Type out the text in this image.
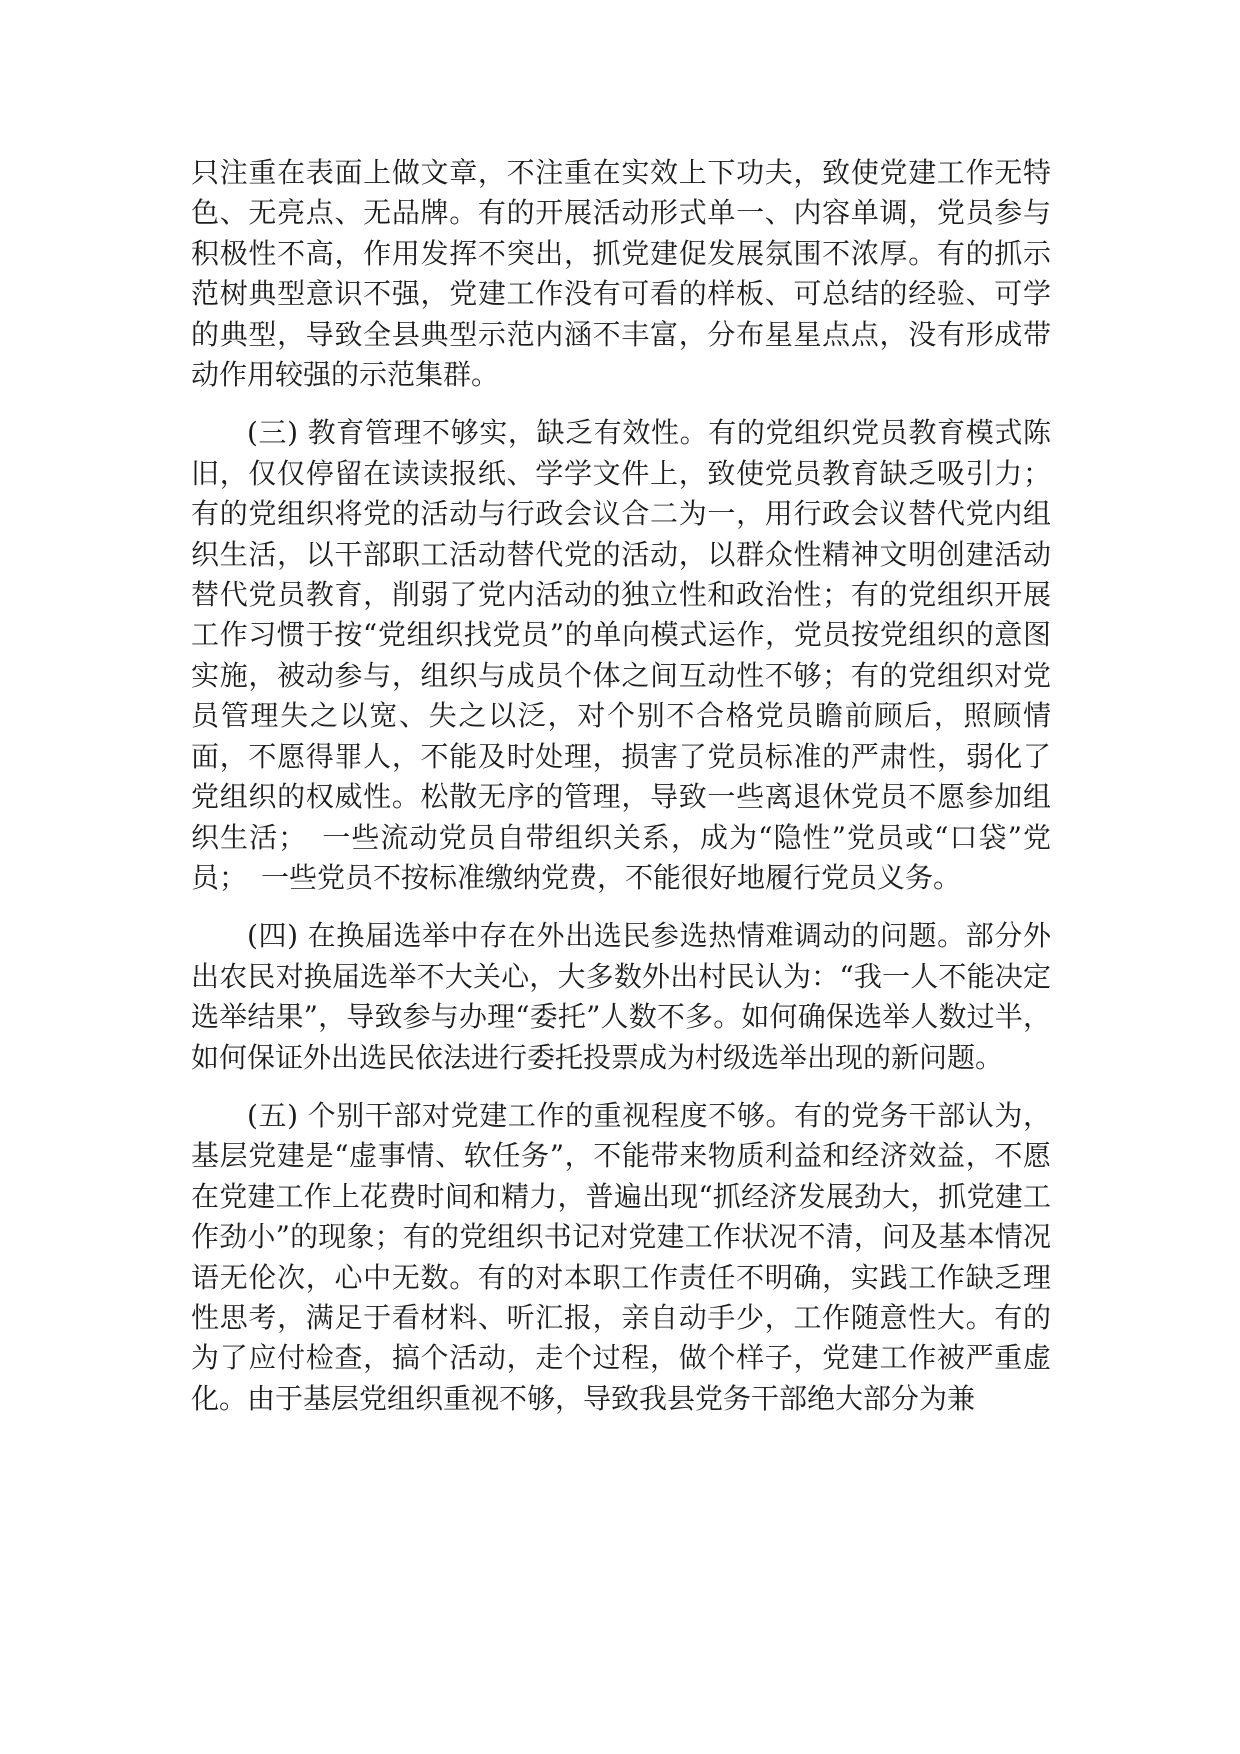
只注重在表面上做文章，不注重在实效上下功夫，致使党建工作无特色、无亮点、无品牌。有的开展活动形式单一、内容单调，党员参与积极性不高，作用发挥不突出，抓党建促发展氛围不浓厚。有的抓示范树典型意识不强，党建工作没有可看的样板、可总结的经验、可学的典型，导致全县典型示范内涵不丰富，分布星星点点，没有形成带动作用较强的示范集群。

(三) 教育管理不够实，缺乏有效性。有的党组织党员教育模式陈旧，仅仅停留在读读报纸、学学文件上，致使党员教育缺乏吸引力；有的党组织将党的活动与行政会议合二为一，用行政会议替代党内组织生活，以干部职工活动替代党的活动，以群众性精神文明创建活动替代党员教育，削弱了党内活动的独立性和政治性；有的党组织开展工作习惯于按“党组织找党员”的单向模式运作，党员按党组织的意图实施，被动参与，组织与成员个体之间互动性不够；有的党组织对党员管理失之以宽、失之以泛，对个别不合格党员瞻前顾后，照顾情面，不愿得罪人，不能及时处理，损害了党员标准的严肃性，弱化了党组织的权威性。松散无序的管理，导致一些离退休党员不愿参加组织生活；　一些流动党员自带组织关系，成为“隐性”党员或“口袋”党员；　一些党员不按标准缴纳党费，不能很好地履行党员义务。

(四) 在换届选举中存在外出选民参选热情难调动的问题。部分外出农民对换届选举不大关心，大多数外出村民认为：“我一人不能决定选举结果”，导致参与办理“委托”人数不多。如何确保选举人数过半，如何保证外出选民依法进行委托投票成为村级选举出现的新问题。

(五) 个别干部对党建工作的重视程度不够。有的党务干部认为，基层党建是“虚事情、软任务”，不能带来物质利益和经济效益，不愿在党建工作上花费时间和精力，普遍出现“抓经济发展劲大，抓党建工作劲小”的现象；有的党组织书记对党建工作状况不清，问及基本情况语无伦次，心中无数。有的对本职工作责任不明确，实践工作缺乏理性思考，满足于看材料、听汇报，亲自动手少，工作随意性大。有的为了应付检查，搞个活动，走个过程，做个样子，党建工作被严重虚化。由于基层党组织重视不够，导致我县党务干部绝大部分为兼
